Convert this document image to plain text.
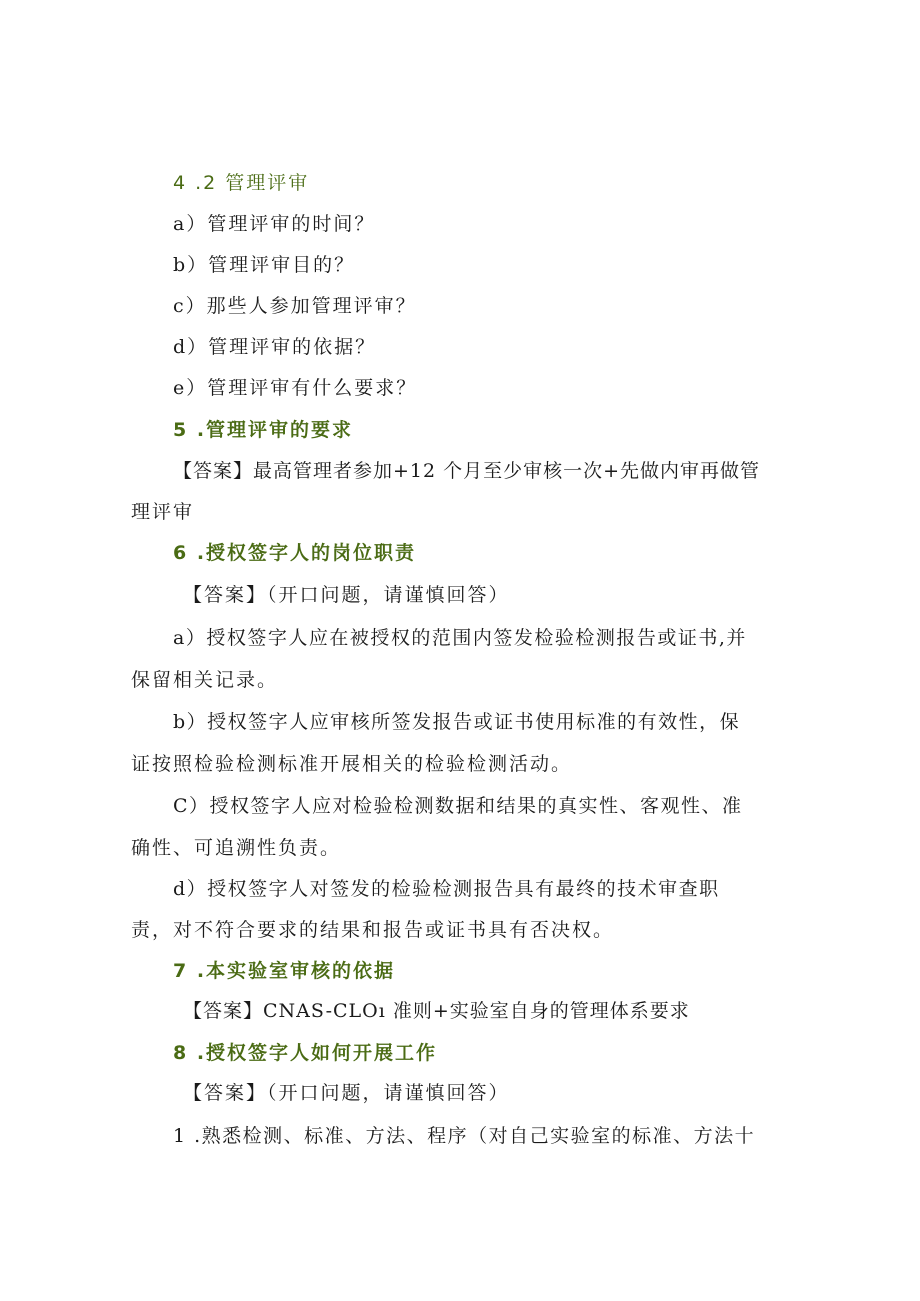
4 .2 管理评审
a）管理评审的时间？
b）管理评审目的？
c）那些人参加管理评审？
d）管理评审的依据？
e）管理评审有什么要求？
5 .管理评审的要求
【答案】最高管理者参加+12 个月至少审核一次+先做内审再做管
理评审
6 .授权签字人的岗位职责
【答案】（开口问题，请谨慎回答）
a）授权签字人应在被授权的范围内签发检验检测报告或证书,并
保留相关记录。
b）授权签字人应审核所签发报告或证书使用标准的有效性，保
证按照检验检测标准开展相关的检验检测活动。
C）授权签字人应对检验检测数据和结果的真实性、客观性、准
确性、可追溯性负责。
d）授权签字人对签发的检验检测报告具有最终的技术审查职
责，对不符合要求的结果和报告或证书具有否决权。
7 .本实验室审核的依据
【答案】CNAS-CLOı 准则+实验室自身的管理体系要求
8 .授权签字人如何开展工作
【答案】（开口问题，请谨慎回答）
1 .熟悉检测、标准、方法、程序（对自己实验室的标准、方法十
